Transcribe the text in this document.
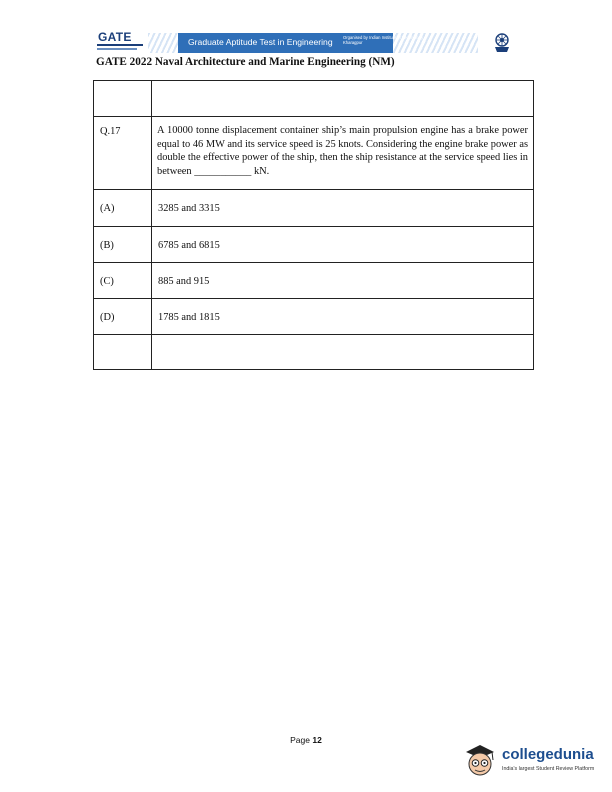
GATE	Graduate Aptitude Test in Engineering Organised by Indian Institute of Technology Kharagpur
GATE 2022 Naval Architecture and Marine Engineering (NM)

Q.17	A 10000 tonne displacement container ship’s main propulsion engine has a brake power equal to 46 MW and its service speed is 25 knots. Considering the engine brake power as double the effective power of the ship, then the ship resistance at the service speed lies in between ___________ kN.

(A)	3285 and 3315

(B)	6785 and 6815

(C)	885 and 915

(D)	1785 and 1815

Page 12
collegedunia
India's largest Student Review Platform
